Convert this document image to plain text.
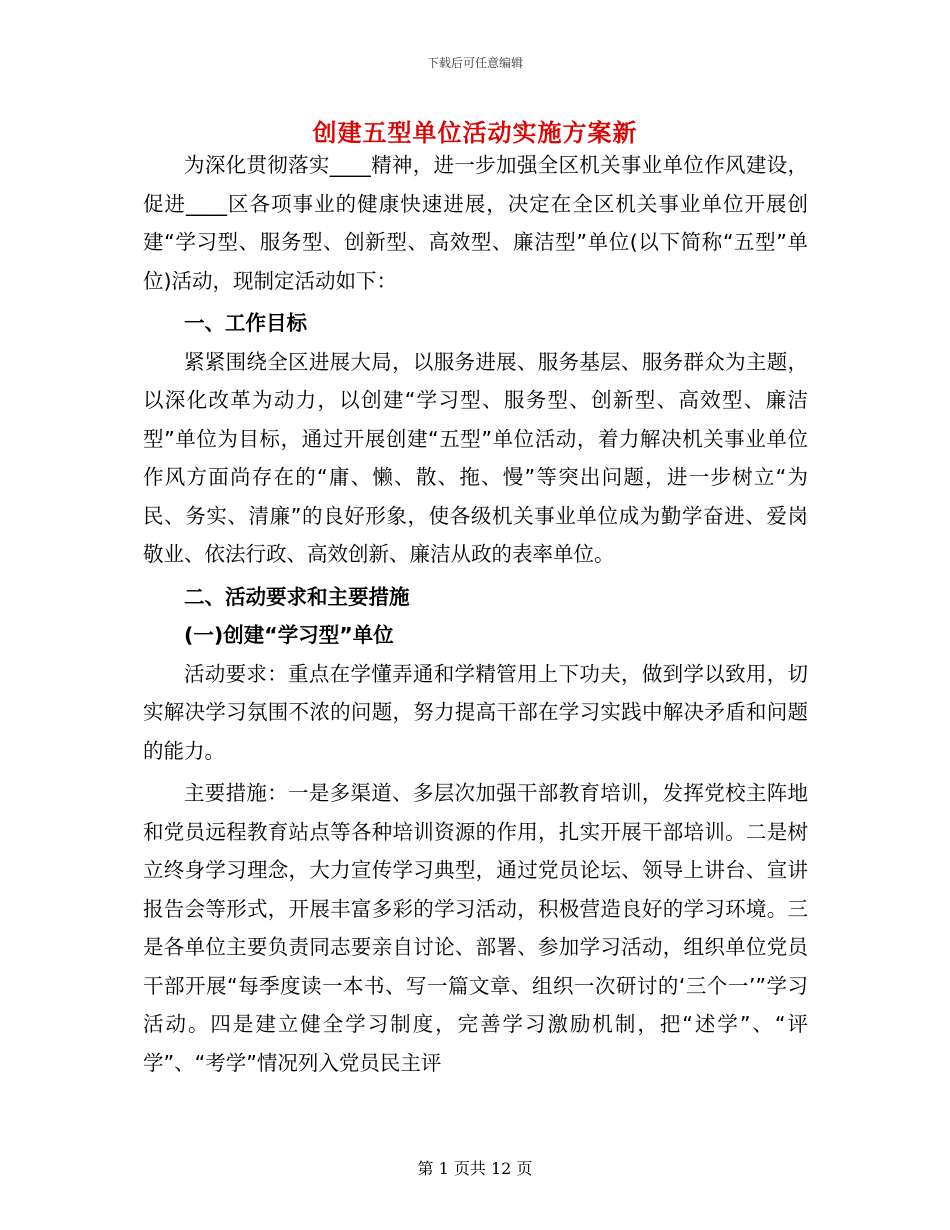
下载后可任意编辑
创建五型单位活动实施方案新

为深化贯彻落实____精神，进一步加强全区机关事业单位作风建设，促进____区各项事业的健康快速进展，决定在全区机关事业单位开展创建“学习型、服务型、创新型、高效型、廉洁型”单位(以下简称“五型”单位)活动，现制定活动如下：

一、工作目标

紧紧围绕全区进展大局，以服务进展、服务基层、服务群众为主题，以深化改革为动力，以创建“学习型、服务型、创新型、高效型、廉洁型”单位为目标，通过开展创建“五型”单位活动，着力解决机关事业单位作风方面尚存在的“庸、懒、散、拖、慢”等突出问题，进一步树立“为民、务实、清廉”的良好形象，使各级机关事业单位成为勤学奋进、爱岗敬业、依法行政、高效创新、廉洁从政的表率单位。

二、活动要求和主要措施

(一)创建“学习型”单位

活动要求：重点在学懂弄通和学精管用上下功夫，做到学以致用，切实解决学习氛围不浓的问题，努力提高干部在学习实践中解决矛盾和问题的能力。

主要措施：一是多渠道、多层次加强干部教育培训，发挥党校主阵地和党员远程教育站点等各种培训资源的作用，扎实开展干部培训。二是树立终身学习理念，大力宣传学习典型，通过党员论坛、领导上讲台、宣讲报告会等形式，开展丰富多彩的学习活动，积极营造良好的学习环境。三是各单位主要负责同志要亲自讨论、部署、参加学习活动，组织单位党员干部开展“每季度读一本书、写一篇文章、组织一次研讨的‘三个一’”学习活动。四是建立健全学习制度，完善学习激励机制，把“述学”、“评学”、“考学”情况列入党员民主评

第 1 页共 12 页
